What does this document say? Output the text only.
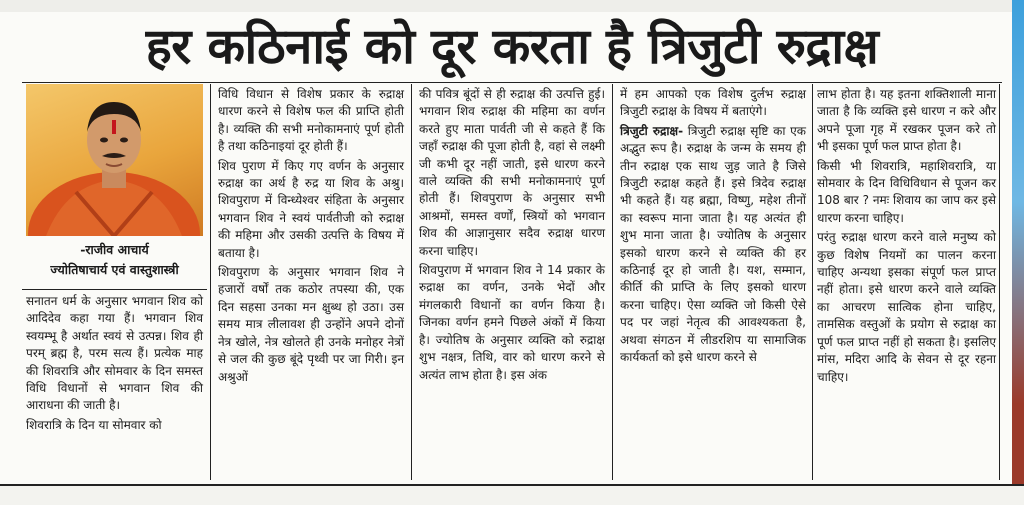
हर कठिनाई को दूर करता है त्रिजुटी रुद्राक्ष
-राजीव आचार्य
ज्योतिषाचार्य एवं वास्तुशास्त्री

सनातन धर्म के अनुसार भगवान शिव को आदिदेव कहा गया हैं। भगवान शिव स्वयम्भू है अर्थात स्वयं से उत्पन्न। शिव ही परम् ब्रह्म है, परम सत्य हैं। प्रत्येक माह की शिवरात्रि और सोमवार के दिन समस्त विधि विधानों से भगवान शिव की आराधना की जाती है।

शिवरात्रि के दिन या सोमवार को

विधि विधान से विशेष प्रकार के रुद्राक्ष धारण करने से विशेष फल की प्राप्ति होती है। व्यक्ति की सभी मनोकामनाएं पूर्ण होती है तथा कठिनाइयां दूर होती हैं।

शिव पुराण में किए गए वर्णन के अनुसार रुद्राक्ष का अर्थ है रुद्र या शिव के अश्रु। शिवपुराण में विन्ध्येश्वर संहिता के अनुसार भगवान शिव ने स्वयं पार्वतीजी को रुद्राक्ष की महिमा और उसकी उत्पत्ति के विषय में बताया है।

शिवपुराण के अनुसार भगवान शिव ने हजारों वर्षों तक कठोर तपस्या की, एक दिन सहसा उनका मन क्षुब्ध हो उठा। उस समय मात्र लीलावश ही उन्होंने अपने दोनों नेत्र खोले, नेत्र खोलते ही उनके मनोहर नेत्रों से जल की कुछ बूंदे पृथ्वी पर जा गिरी। इन अश्रुओं

की पवित्र बूंदों से ही रुद्राक्ष की उत्पत्ति हुई। भगवान शिव रुद्राक्ष की महिमा का वर्णन करते हुए माता पार्वती जी से कहते हैं कि जहाँ रुद्राक्ष की पूजा होती है, वहां से लक्ष्मी जी कभी दूर नहीं जाती, इसे धारण करने वाले व्यक्ति की सभी मनोकामनाएं पूर्ण होती हैं। शिवपुराण के अनुसार सभी आश्रमों, समस्त वर्णों, स्त्रियों को भगवान शिव की आज्ञानुसार सदैव रुद्राक्ष धारण करना चाहिए।

शिवपुराण में भगवान शिव ने 14 प्रकार के रुद्राक्ष का वर्णन, उनके भेदों और मंगलकारी विधानों का वर्णन किया है। जिनका वर्णन हमने पिछले अंकों में किया है। ज्योतिष के अनुसार व्यक्ति को रुद्राक्ष शुभ नक्षत्र, तिथि, वार को धारण करने से अत्यंत लाभ होता है। इस अंक

में हम आपको एक विशेष दुर्लभ रुद्राक्ष त्रिजुटी रुद्राक्ष के विषय में बताएंगे।

त्रिजुटी रुद्राक्ष- त्रिजुटी रुद्राक्ष सृष्टि का एक अद्भुत रूप है। रुद्राक्ष के जन्म के समय ही तीन रुद्राक्ष एक साथ जुड़ जाते है जिसे त्रिजुटी रुद्राक्ष कहते हैं। इसे त्रिदेव रुद्राक्ष भी कहते हैं। यह ब्रह्मा, विष्णु, महेश तीनों का स्वरूप माना जाता है। यह अत्यंत ही शुभ माना जाता है। ज्योतिष के अनुसार इसको धारण करने से व्यक्ति की हर कठिनाई दूर हो जाती है। यश, सम्मान, कीर्ति की प्राप्ति के लिए इसको धारण करना चाहिए। ऐसा व्यक्ति जो किसी ऐसे पद पर जहां नेतृत्व की आवश्यकता है, अथवा संगठन में लीडरशिप या सामाजिक कार्यकर्ता को इसे धारण करने से

लाभ होता है। यह इतना शक्तिशाली माना जाता है कि व्यक्ति इसे धारण न करे और अपने पूजा गृह में रखकर पूजन करे तो भी इसका पूर्ण फल प्राप्त होता है।

किसी भी शिवरात्रि, महाशिवरात्रि, या सोमवार के दिन विधिविधान से पूजन कर 108 बार ? नमः शिवाय का जाप कर इसे धारण करना चाहिए।

परंतु रुद्राक्ष धारण करने वाले मनुष्य को कुछ विशेष नियमों का पालन करना चाहिए अन्यथा इसका संपूर्ण फल प्राप्त नहीं होता। इसे धारण करने वाले व्यक्ति का आचरण सात्विक होना चाहिए, तामसिक वस्तुओं के प्रयोग से रुद्राक्ष का पूर्ण फल प्राप्त नहीं हो सकता है। इसलिए मांस, मदिरा आदि के सेवन से दूर रहना चाहिए।
